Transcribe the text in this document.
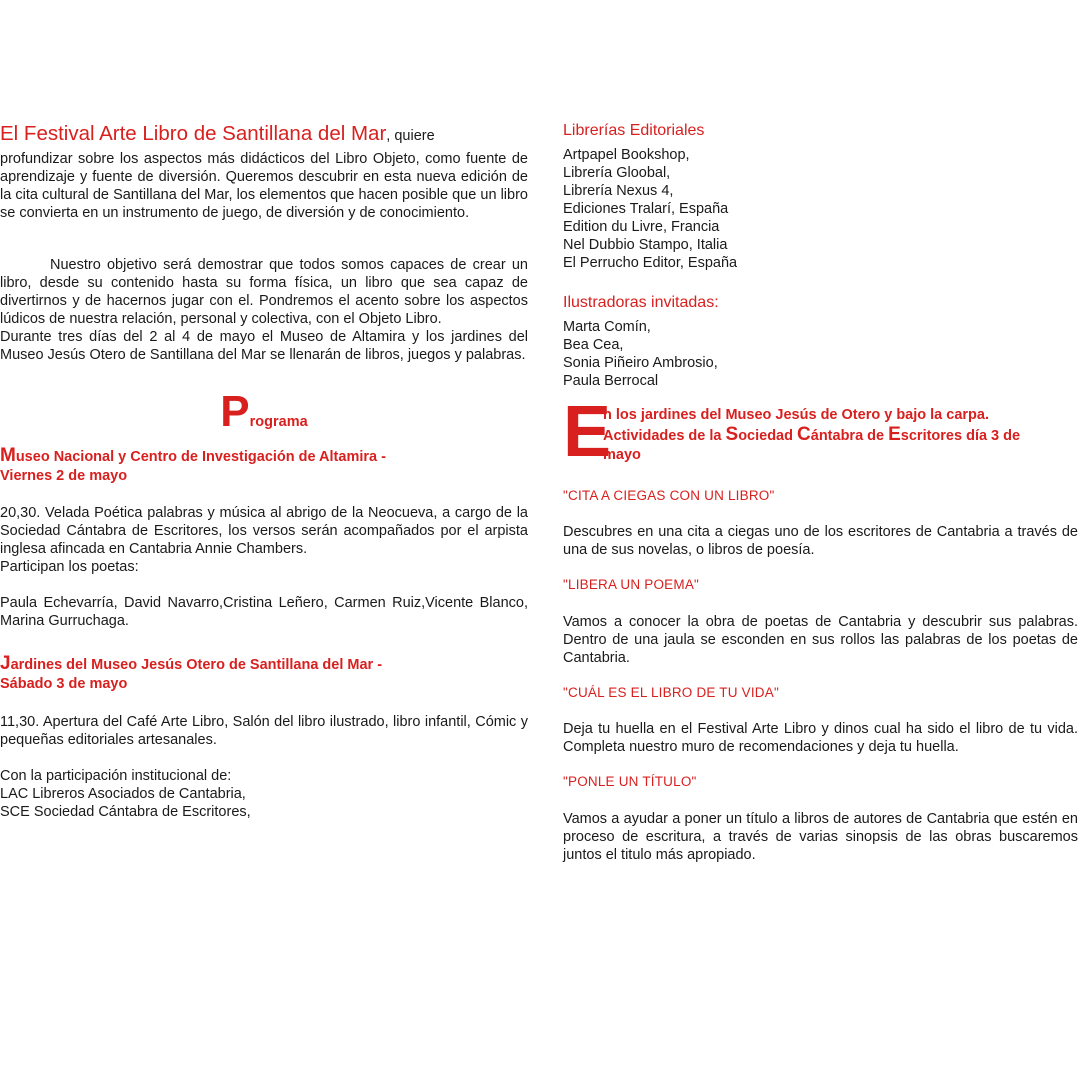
El Festival Arte Libro de Santillana del Mar, quiere

profundizar sobre los aspectos más didácticos del Libro Objeto, como fuente de aprendizaje y fuente de diversión. Queremos descubrir en esta nueva edición de la cita cultural de Santillana del Mar, los elementos que hacen posible que un libro se convierta en un instrumento de juego, de diversión y de conocimiento.

Nuestro objetivo será demostrar que todos somos capaces de crear un libro, desde su contenido hasta su forma física, un libro que sea capaz de divertirnos y de hacernos jugar con el. Pondremos el acento sobre los aspectos lúdicos de nuestra relación, personal y colectiva, con el Objeto Libro.

Durante tres días del 2 al 4 de mayo el Museo de Altamira y los jardines del Museo Jesús Otero de Santillana del Mar se llenarán de libros, juegos y palabras.

Programa
Museo Nacional y Centro de Investigación de Altamira -
Viernes 2 de mayo

20,30. Velada Poética palabras y música al abrigo de la Neocueva, a cargo de la Sociedad Cántabra de Escritores, los versos serán acompañados por el arpista inglesa afincada en Cantabria Annie Chambers.

Participan los poetas:

Paula Echevarría, David Navarro,Cristina Leñero, Carmen Ruiz,Vicente Blanco, Marina Gurruchaga.

Jardines del Museo Jesús Otero de Santillana del Mar -
Sábado 3 de mayo

11,30. Apertura del Café Arte Libro, Salón del libro ilustrado, libro infantil, Cómic y pequeñas editoriales artesanales.

Con la participación institucional de:

LAC Libreros Asociados de Cantabria,

SCE Sociedad Cántabra de Escritores,

Librerías Editoriales

Artpapel Bookshop,

Librería Gloobal,

Librería Nexus 4,

Ediciones Tralarí, España

Edition du Livre, Francia

Nel Dubbio Stampo, Italia

El Perrucho Editor, España

Ilustradoras invitadas:

Marta Comín,

Bea Cea,

Sonia Piñeiro Ambrosio,

Paula Berrocal

E
n los jardines del Museo Jesús de Otero y bajo la carpa.
Actividades de la Sociedad Cántabra de Escritores día 3 de
mayo
"CITA A CIEGAS CON UN LIBRO"

Descubres en una cita a ciegas uno de los escritores de Cantabria a través de una de sus novelas, o libros de poesía.

"LIBERA UN POEMA"

Vamos a conocer la obra de poetas de Cantabria y descubrir sus palabras. Dentro de una jaula se esconden en sus rollos las palabras de los poetas de Cantabria.

"CUÁL ES EL LIBRO DE TU VIDA"

Deja tu huella en el Festival Arte Libro y dinos cual ha sido el libro de tu vida. Completa nuestro muro de recomendaciones y deja tu huella.

"PONLE UN TÍTULO"

Vamos a ayudar a poner un título a libros de autores de Cantabria que estén en proceso de escritura, a través de varias sinopsis de las obras buscaremos juntos el titulo más apropiado.
